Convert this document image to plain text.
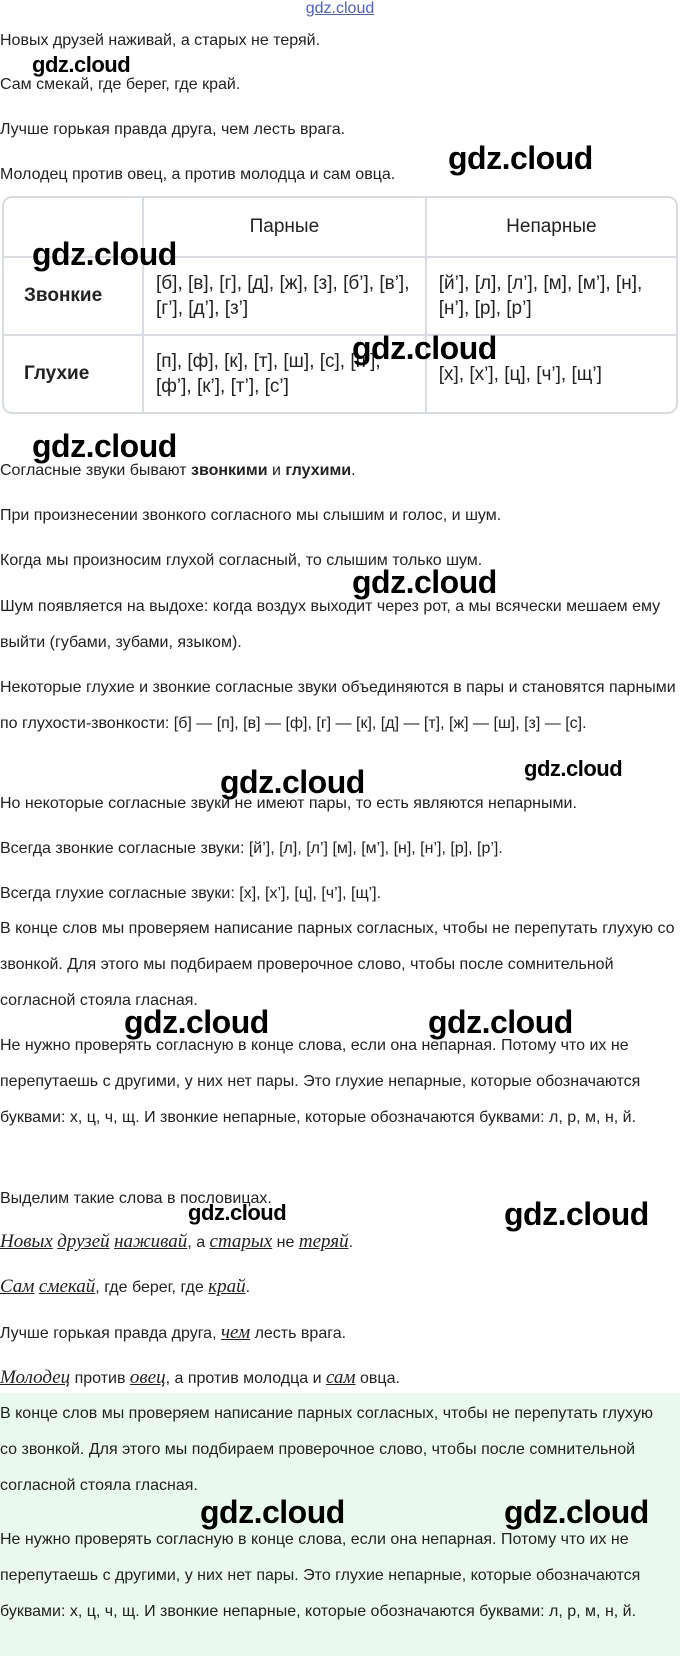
gdz.cloud
Новых друзей наживай, а старых не теряй.
Сам смекай, где берег, где край.
Лучше горькая правда друга, чем лесть врага.
Молодец против овец, а против молодца и сам овца.
	Парные	Непарные
Звонкие	[б], [в], [г], [д], [ж], [з], [б’], [в’], [г’], [д’], [з’]	[й’], [л], [л’], [м], [м’], [н], [н’], [р], [р’]
Глухие	[п], [ф], [к], [т], [ш], [с], [п’], [ф’], [к’], [т’], [с’]	[х], [х’], [ц], [ч’], [щ’]
Согласные звуки бывают звонкими и глухими.
При произнесении звонкого согласного мы слышим и голос, и шум.
Когда мы произносим глухой согласный, то слышим только шум.
Шум появляется на выдохе: когда воздух выходит через рот, а мы всячески мешаем ему выйти (губами, зубами, языком).
Некоторые глухие и звонкие согласные звуки объединяются в пары и становятся парными по глухости-звонкости: [б] — [п], [в] — [ф], [г] — [к], [д] — [т], [ж] — [ш], [з] — [с].
Но некоторые согласные звуки не имеют пары, то есть являются непарными.
Всегда звонкие согласные звуки: [й’], [л], [л’] [м], [м’], [н], [н’], [р], [р’].
Всегда глухие согласные звуки: [х], [х’], [ц], [ч’], [щ’].
В конце слов мы проверяем написание парных согласных, чтобы не перепутать глухую со звонкой. Для этого мы подбираем проверочное слово, чтобы после сомнительной согласной стояла гласная.
Не нужно проверять согласную в конце слова, если она непарная. Потому что их не перепутаешь с другими, у них нет пары. Это глухие непарные, которые обозначаются буквами: х, ц, ч, щ. И звонкие непарные, которые обозначаются буквами: л, р, м, н, й.
Выделим такие слова в пословицах.
Новых друзей наживай, а старых не теряй.
Сам смекай, где берег, где край.
Лучше горькая правда друга, чем лесть врага.
Молодец против овец, а против молодца и сам овца.
В конце слов мы проверяем написание парных согласных, чтобы не перепутать глухую со звонкой. Для этого мы подбираем проверочное слово, чтобы после сомнительной согласной стояла гласная.
Не нужно проверять согласную в конце слова, если она непарная. Потому что их не перепутаешь с другими, у них нет пары. Это глухие непарные, которые обозначаются буквами: х, ц, ч, щ. И звонкие непарные, которые обозначаются буквами: л, р, м, н, й.
gdz.cloud
gdz.cloud
gdz.cloud
gdz.cloud
gdz.cloud
gdz.cloud
gdz.cloud
gdz.cloud
gdz.cloud	gdz.cloud
gdz.cloud	gdz.cloud
gdz.cloud	gdz.cloud
